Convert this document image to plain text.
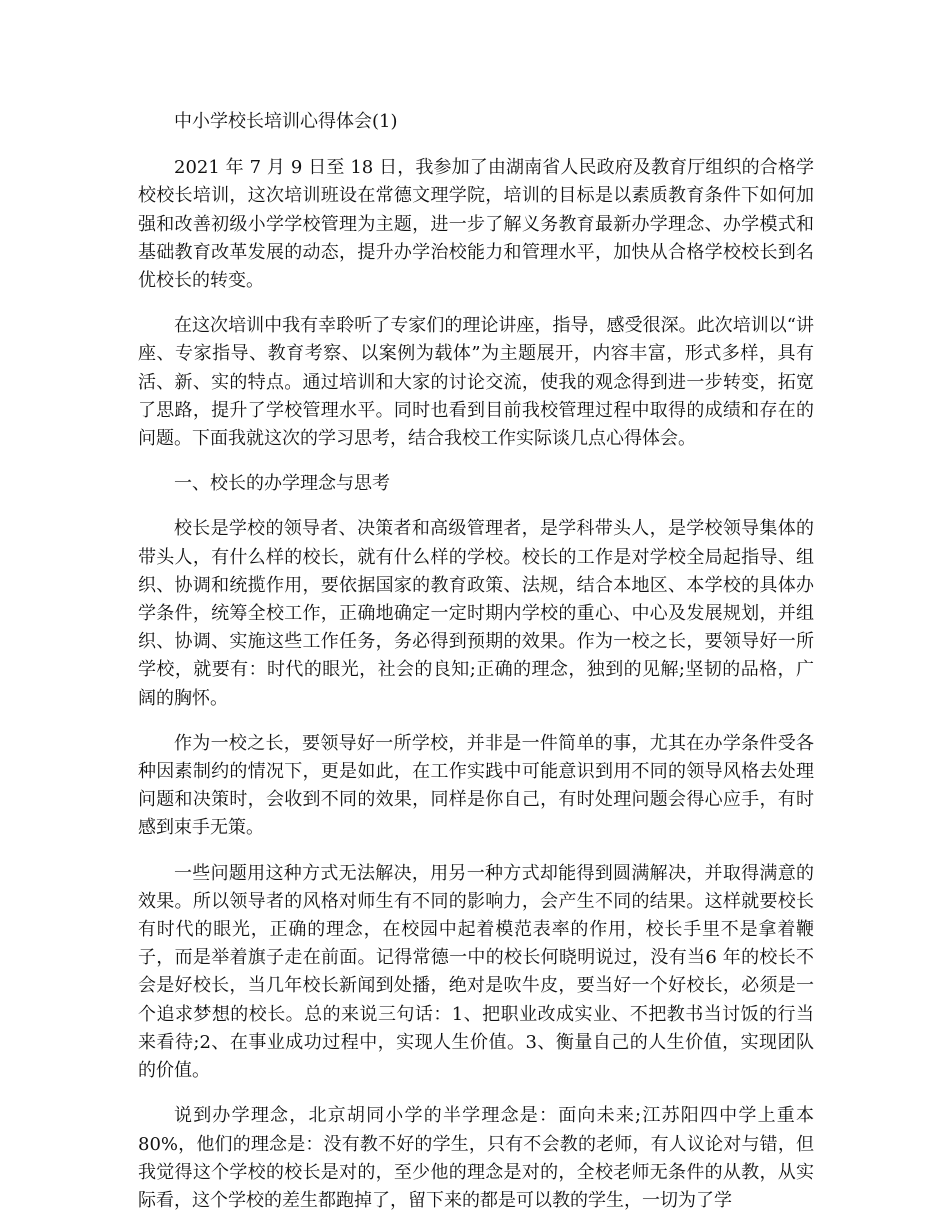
中小学校长培训心得体会(1)

2021 年 7 月 9 日至 18 日，我参加了由湖南省人民政府及教育厅组织的合格学校校长培训，这次培训班设在常德文理学院，培训的目标是以素质教育条件下如何加强和改善初级小学学校管理为主题，进一步了解义务教育最新办学理念、办学模式和基础教育改革发展的动态，提升办学治校能力和管理水平，加快从合格学校校长到名优校长的转变。

在这次培训中我有幸聆听了专家们的理论讲座，指导，感受很深。此次培训以“讲座、专家指导、教育考察、以案例为载体”为主题展开，内容丰富，形式多样，具有活、新、实的特点。通过培训和大家的讨论交流，使我的观念得到进一步转变，拓宽了思路，提升了学校管理水平。同时也看到目前我校管理过程中取得的成绩和存在的问题。下面我就这次的学习思考，结合我校工作实际谈几点心得体会。

一、校长的办学理念与思考

校长是学校的领导者、决策者和高级管理者，是学科带头人，是学校领导集体的带头人，有什么样的校长，就有什么样的学校。校长的工作是对学校全局起指导、组织、协调和统揽作用，要依据国家的教育政策、法规，结合本地区、本学校的具体办学条件，统筹全校工作，正确地确定一定时期内学校的重心、中心及发展规划，并组织、协调、实施这些工作任务，务必得到预期的效果。作为一校之长，要领导好一所学校，就要有：时代的眼光，社会的良知;正确的理念，独到的见解;坚韧的品格，广阔的胸怀。

作为一校之长，要领导好一所学校，并非是一件简单的事，尤其在办学条件受各种因素制约的情况下，更是如此，在工作实践中可能意识到用不同的领导风格去处理问题和决策时，会收到不同的效果，同样是你自己，有时处理问题会得心应手，有时感到束手无策。

一些问题用这种方式无法解决，用另一种方式却能得到圆满解决，并取得满意的效果。所以领导者的风格对师生有不同的影响力，会产生不同的结果。这样就要校长有时代的眼光，正确的理念，在校园中起着模范表率的作用，校长手里不是拿着鞭子，而是举着旗子走在前面。记得常德一中的校长何晓明说过，没有当6 年的校长不会是好校长，当几年校长新闻到处播，绝对是吹牛皮，要当好一个好校长，必须是一个追求梦想的校长。总的来说三句话：1、把职业改成实业、不把教书当讨饭的行当来看待;2、在事业成功过程中，实现人生价值。3、衡量自己的人生价值，实现团队的价值。

说到办学理念，北京胡同小学的半学理念是：面向未来;江苏阳四中学上重本80%，他们的理念是：没有教不好的学生，只有不会教的老师，有人议论对与错，但我觉得这个学校的校长是对的，至少他的理念是对的，全校老师无条件的从教，从实际看，这个学校的差生都跑掉了，留下来的都是可以教的学生，一切为了学
